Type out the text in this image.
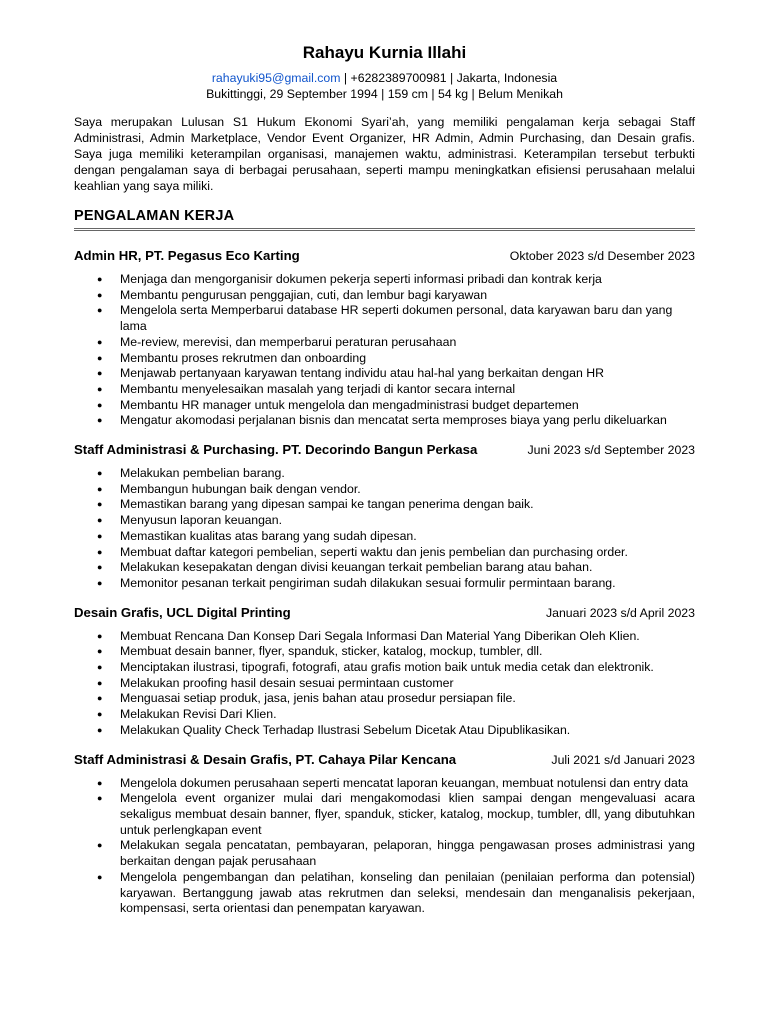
Rahayu Kurnia Illahi
rahayuki95@gmail.com | +6282389700981 | Jakarta, Indonesia
Bukittinggi, 29 September 1994 | 159 cm | 54 kg | Belum Menikah
Saya merupakan Lulusan S1 Hukum Ekonomi Syari’ah, yang memiliki pengalaman kerja sebagai Staff Administrasi, Admin Marketplace, Vendor Event Organizer, HR Admin, Admin Purchasing, dan Desain grafis. Saya juga memiliki keterampilan organisasi, manajemen waktu, administrasi. Keterampilan tersebut terbukti dengan pengalaman saya di berbagai perusahaan, seperti mampu meningkatkan efisiensi perusahaan melalui keahlian yang saya miliki.
PENGALAMAN KERJA
Admin HR, PT. Pegasus Eco Karting	Oktober 2023 s/d Desember 2023
● Menjaga dan mengorganisir dokumen pekerja seperti informasi pribadi dan kontrak kerja
● Membantu pengurusan penggajian, cuti, dan lembur bagi karyawan
● Mengelola serta Memperbarui database HR seperti dokumen personal, data karyawan baru dan yang lama
● Me-review, merevisi, dan memperbarui peraturan perusahaan
● Membantu proses rekrutmen dan onboarding
● Menjawab pertanyaan karyawan tentang individu atau hal-hal yang berkaitan dengan HR
● Membantu menyelesaikan masalah yang terjadi di kantor secara internal
● Membantu HR manager untuk mengelola dan mengadministrasi budget departemen
● Mengatur akomodasi perjalanan bisnis dan mencatat serta memproses biaya yang perlu dikeluarkan
Staff Administrasi & Purchasing. PT. Decorindo Bangun Perkasa	Juni 2023 s/d September 2023
● Melakukan pembelian barang.
● Membangun hubungan baik dengan vendor.
● Memastikan barang yang dipesan sampai ke tangan penerima dengan baik.
● Menyusun laporan keuangan.
● Memastikan kualitas atas barang yang sudah dipesan.
● Membuat daftar kategori pembelian, seperti waktu dan jenis pembelian dan purchasing order.
● Melakukan kesepakatan dengan divisi keuangan terkait pembelian barang atau bahan.
● Memonitor pesanan terkait pengiriman sudah dilakukan sesuai formulir permintaan barang.
Desain Grafis, UCL Digital Printing	Januari 2023 s/d April 2023
● Membuat Rencana Dan Konsep Dari Segala Informasi Dan Material Yang Diberikan Oleh Klien.
● Membuat desain banner, flyer, spanduk, sticker, katalog, mockup, tumbler, dll.
● Menciptakan ilustrasi, tipografi, fotografi, atau grafis motion baik untuk media cetak dan elektronik.
● Melakukan proofing hasil desain sesuai permintaan customer
● Menguasai setiap produk, jasa, jenis bahan atau prosedur persiapan file.
● Melakukan Revisi Dari Klien.
● Melakukan Quality Check Terhadap Ilustrasi Sebelum Dicetak Atau Dipublikasikan.
Staff Administrasi & Desain Grafis, PT. Cahaya Pilar Kencana	Juli 2021 s/d Januari 2023
● Mengelola dokumen perusahaan seperti mencatat laporan keuangan, membuat notulensi dan entry data
● Mengelola event organizer mulai dari mengakomodasi klien sampai dengan mengevaluasi acara sekaligus membuat desain banner, flyer, spanduk, sticker, katalog, mockup, tumbler, dll, yang dibutuhkan untuk perlengkapan event
● Melakukan segala pencatatan, pembayaran, pelaporan, hingga pengawasan proses administrasi yang berkaitan dengan pajak perusahaan
● Mengelola pengembangan dan pelatihan, konseling dan penilaian (penilaian performa dan potensial) karyawan. Bertanggung jawab atas rekrutmen dan seleksi, mendesain dan menganalisis pekerjaan, kompensasi, serta orientasi dan penempatan karyawan.
